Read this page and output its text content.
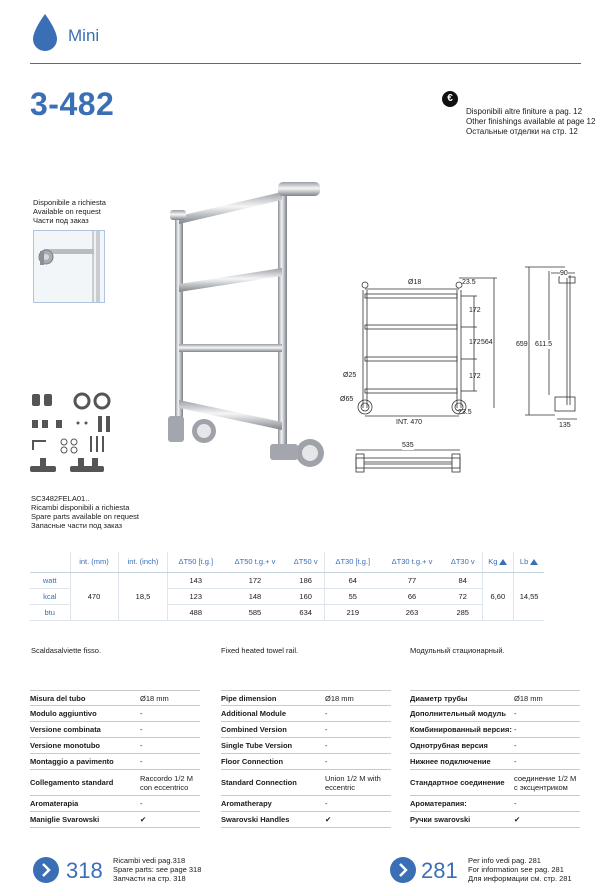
Mini
3-482	€
Disponibili altre finiture a pag. 12
Other finishings available at page 12
Остальные отделки на стр. 12
Disponibile a richiesta
Available on request
Части под заказ
Ø18	23.5
172
172
172
564
Ø25
Ø65
23.5
INT. 470
90
659 611.5
135
535
SC3482FELA01..
Ricambi disponibili a richiesta
Spare parts available on request
Запасные части под заказ
	int. (mm)	int. (inch)	ΔT50 [t.g.]	ΔT50 t.g.+ v	ΔT50 v	ΔT30 [t.g.]	ΔT30 t.g.+ v	ΔT30 v	Kg	Lb
watt	470	18,5	143	172	186	64	77	84	6,60	14,55
kcal			123	148	160	55	66	72		
btu			488	585	634	219	263	285		
Scaldasalviette fisso.	Fixed heated towel rail.	Модульный стационарный.
Misura del tubo	Ø18 mm
Modulo aggiuntivo	-
Versione combinata	-
Versione monotubo	-
Montaggio a pavimento	-
Collegamento standard	Raccordo 1/2 M con eccentrico
Aromaterapia	-
Maniglie Svarowski	✔
Pipe dimension	Ø18 mm
Additional Module	-
Combined Version	-
Single Tube Version	-
Floor Connection	-
Standard Connection	Union 1/2 M with eccentric
Aromatherapy	-
Swarovski Handles	✔
Диаметр трубы	Ø18 mm
Дополнительный модуль	-
Комбинированный версия: -
Однотрубная версия	-
Нижнее подключение	-
Стандартное соединение	соединение 1/2 M с эксцентриком
Ароматерапия:	-
Ручки swarovski	✔
318 Ricambi vedi pag.318
Spare parts: see page 318
Запчасти на стр. 318	281 Per info vedi pag. 281
For information see pag. 281
Для информации см. стр. 281
